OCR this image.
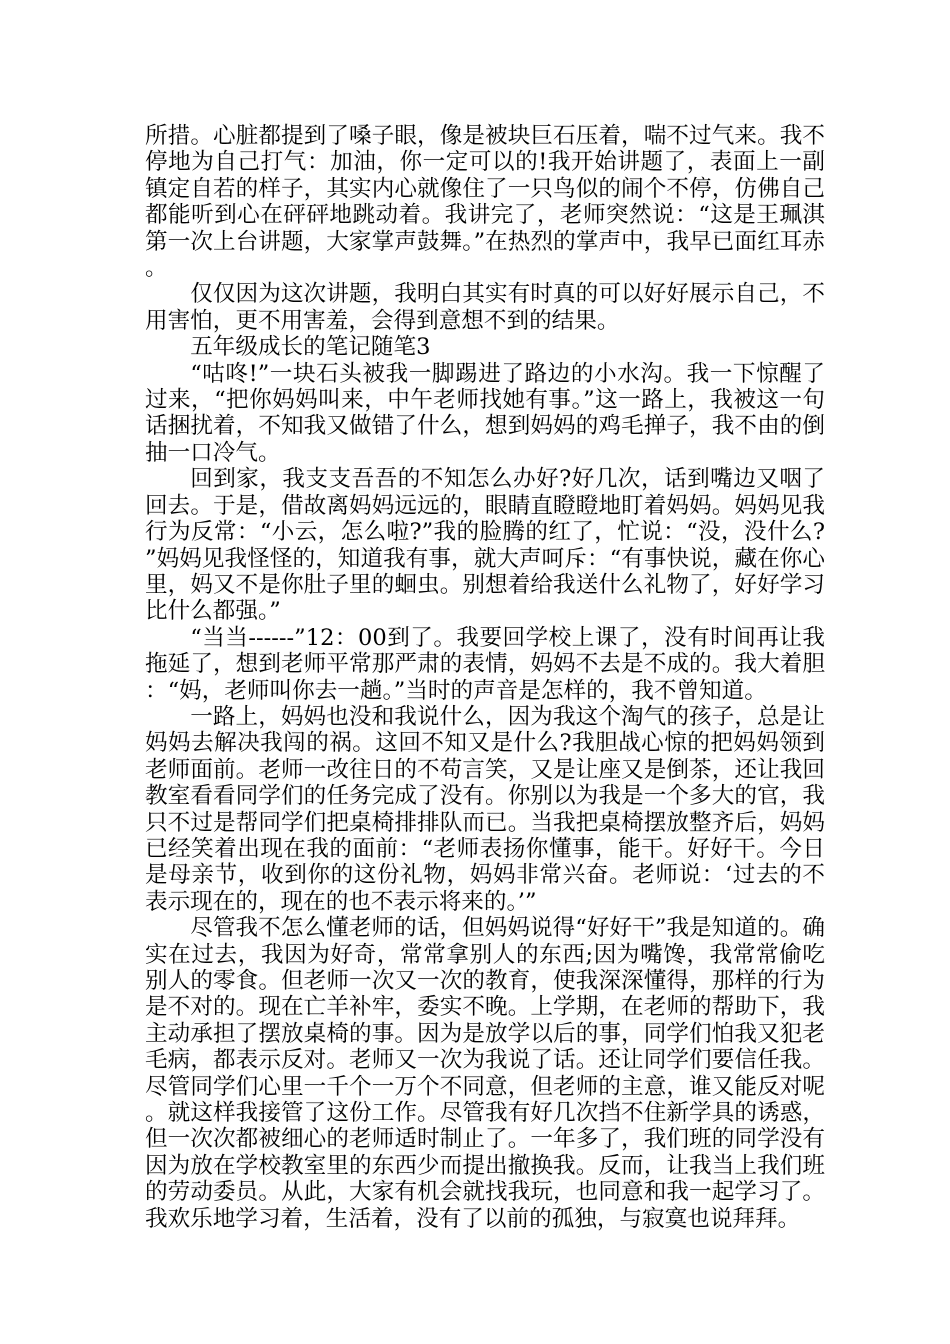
所措。心脏都提到了嗓子眼，像是被块巨石压着，喘不过气来。我不停地为自己打气：加油，你一定可以的!我开始讲题了，表面上一副镇定自若的样子，其实内心就像住了一只鸟似的闹个不停，仿佛自己都能听到心在砰砰地跳动着。我讲完了，老师突然说：“这是王珮淇第一次上台讲题，大家掌声鼓舞。”在热烈的掌声中，我早已面红耳赤。

仅仅因为这次讲题，我明白其实有时真的可以好好展示自己，不用害怕，更不用害羞，会得到意想不到的结果。

五年级成长的笔记随笔3

“咕咚!”一块石头被我一脚踢进了路边的小水沟。我一下惊醒了过来，“把你妈妈叫来，中午老师找她有事。”这一路上，我被这一句话捆扰着，不知我又做错了什么，想到妈妈的鸡毛掸子，我不由的倒抽一口冷气。

回到家，我支支吾吾的不知怎么办好?好几次，话到嘴边又咽了回去。于是，借故离妈妈远远的，眼睛直瞪瞪地盯着妈妈。妈妈见我行为反常：“小云，怎么啦?”我的脸腾的红了，忙说：“没，没什么?”妈妈见我怪怪的，知道我有事，就大声呵斥：“有事快说，藏在你心里，妈又不是你肚子里的蛔虫。别想着给我送什么礼物了，好好学习比什么都强。”

“当当------”12：00到了。我要回学校上课了，没有时间再让我拖延了，想到老师平常那严肃的表情，妈妈不去是不成的。我大着胆：“妈，老师叫你去一趟。”当时的声音是怎样的，我不曾知道。

一路上，妈妈也没和我说什么，因为我这个淘气的孩子，总是让妈妈去解决我闯的祸。这回不知又是什么?我胆战心惊的把妈妈领到老师面前。老师一改往日的不苟言笑，又是让座又是倒茶，还让我回教室看看同学们的任务完成了没有。你别以为我是一个多大的官，我只不过是帮同学们把桌椅排排队而已。当我把桌椅摆放整齐后，妈妈已经笑着出现在我的面前：“老师表扬你懂事，能干。好好干。今日是母亲节，收到你的这份礼物，妈妈非常兴奋。老师说：‘过去的不表示现在的，现在的也不表示将来的。’”

尽管我不怎么懂老师的话，但妈妈说得“好好干”我是知道的。确实在过去，我因为好奇，常常拿别人的东西;因为嘴馋，我常常偷吃别人的零食。但老师一次又一次的教育，使我深深懂得，那样的行为是不对的。现在亡羊补牢，委实不晚。上学期，在老师的帮助下，我主动承担了摆放桌椅的事。因为是放学以后的事，同学们怕我又犯老毛病，都表示反对。老师又一次为我说了话。还让同学们要信任我。尽管同学们心里一千个一万个不同意，但老师的主意，谁又能反对呢。就这样我接管了这份工作。尽管我有好几次挡不住新学具的诱惑，但一次次都被细心的老师适时制止了。一年多了，我们班的同学没有因为放在学校教室里的东西少而提出撤换我。反而，让我当上我们班的劳动委员。从此，大家有机会就找我玩，也同意和我一起学习了。我欢乐地学习着，生活着，没有了以前的孤独，与寂寞也说拜拜。
